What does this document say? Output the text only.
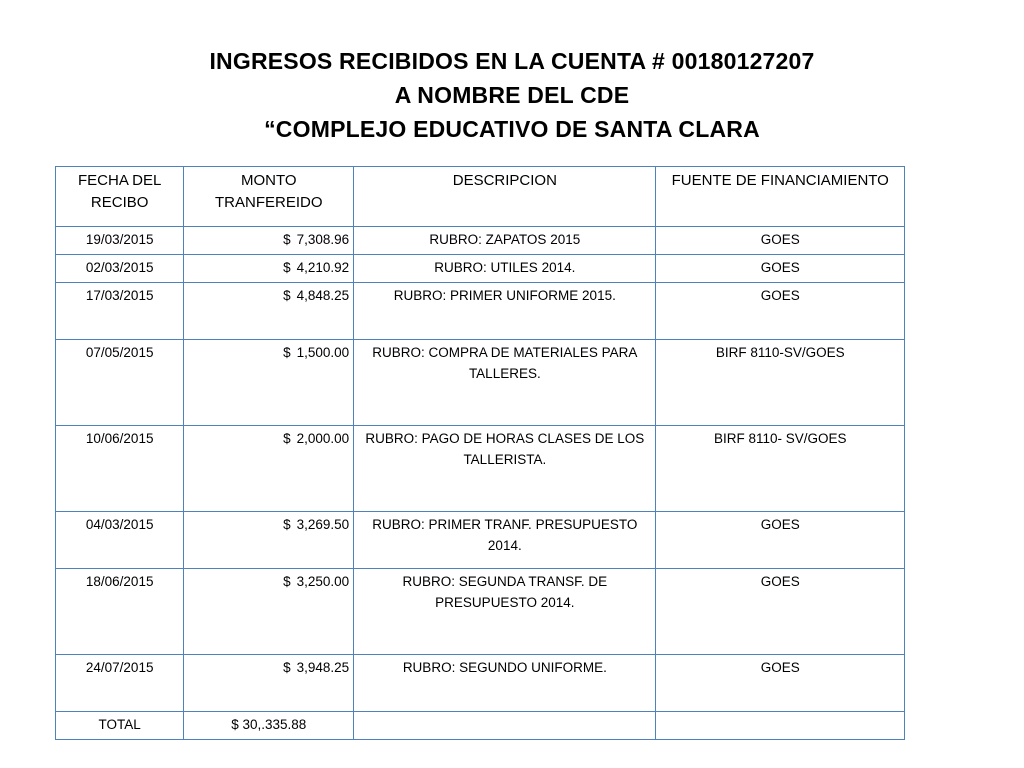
INGRESOS RECIBIDOS EN LA CUENTA # 00180127207
A NOMBRE DEL CDE
“COMPLEJO EDUCATIVO DE SANTA CLARA
FECHA DEL RECIBO	MONTO TRANFEREIDO	DESCRIPCION	FUENTE DE FINANCIAMIENTO
19/03/2015	$ 7,308.96	RUBRO: ZAPATOS 2015	GOES
02/03/2015	$ 4,210.92	RUBRO: UTILES 2014.	GOES
17/03/2015	$ 4,848.25	RUBRO: PRIMER UNIFORME 2015.	GOES
07/05/2015	$ 1,500.00	RUBRO: COMPRA DE MATERIALES PARA TALLERES.	BIRF 8110-SV/GOES
10/06/2015	$ 2,000.00	RUBRO: PAGO DE HORAS CLASES DE LOS TALLERISTA.	BIRF 8110- SV/GOES
04/03/2015	$ 3,269.50	RUBRO: PRIMER TRANF. PRESUPUESTO 2014.	GOES
18/06/2015	$ 3,250.00	RUBRO: SEGUNDA TRANSF. DE PRESUPUESTO 2014.	GOES
24/07/2015	$ 3,948.25	RUBRO: SEGUNDO UNIFORME.	GOES
TOTAL	$ 30,.335.88		
